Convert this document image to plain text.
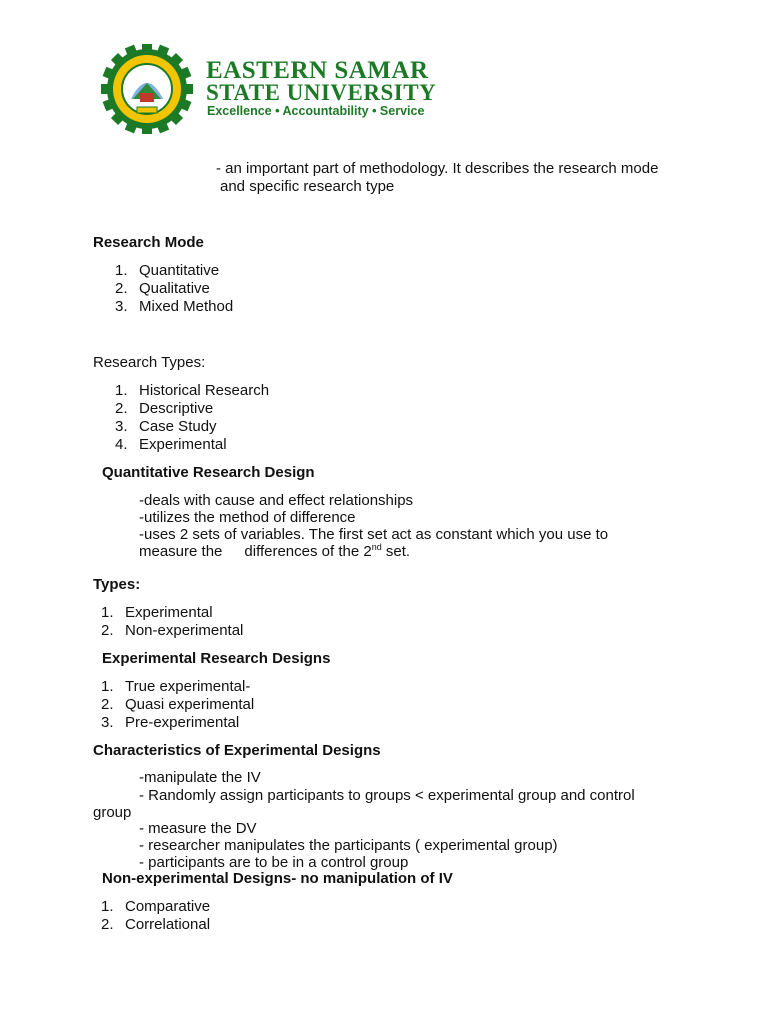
EASTERN SAMAR
STATE UNIVERSITY
Excellence • Accountability • Service
- an important part of methodology. It describes the research mode
and specific research type
Research Mode
1. Quantitative
2. Qualitative
3. Mixed Method
Research Types:
1. Historical Research
2. Descriptive
3. Case Study
4. Experimental
Quantitative Research Design
-deals with cause and effect relationships
-utilizes the method of difference
-uses 2 sets of variables. The first set act as constant which you use to
measure the differences of the 2nd set.
Types:
1. Experimental
2. Non-experimental
Experimental Research Designs
1. True experimental-
2. Quasi experimental
3. Pre-experimental
Characteristics of Experimental Designs
-manipulate the IV
- Randomly assign participants to groups < experimental group and control
group
- measure the DV
- researcher manipulates the participants ( experimental group)
- participants are to be in a control group
Non-experimental Designs- no manipulation of IV
1. Comparative
2. Correlational
